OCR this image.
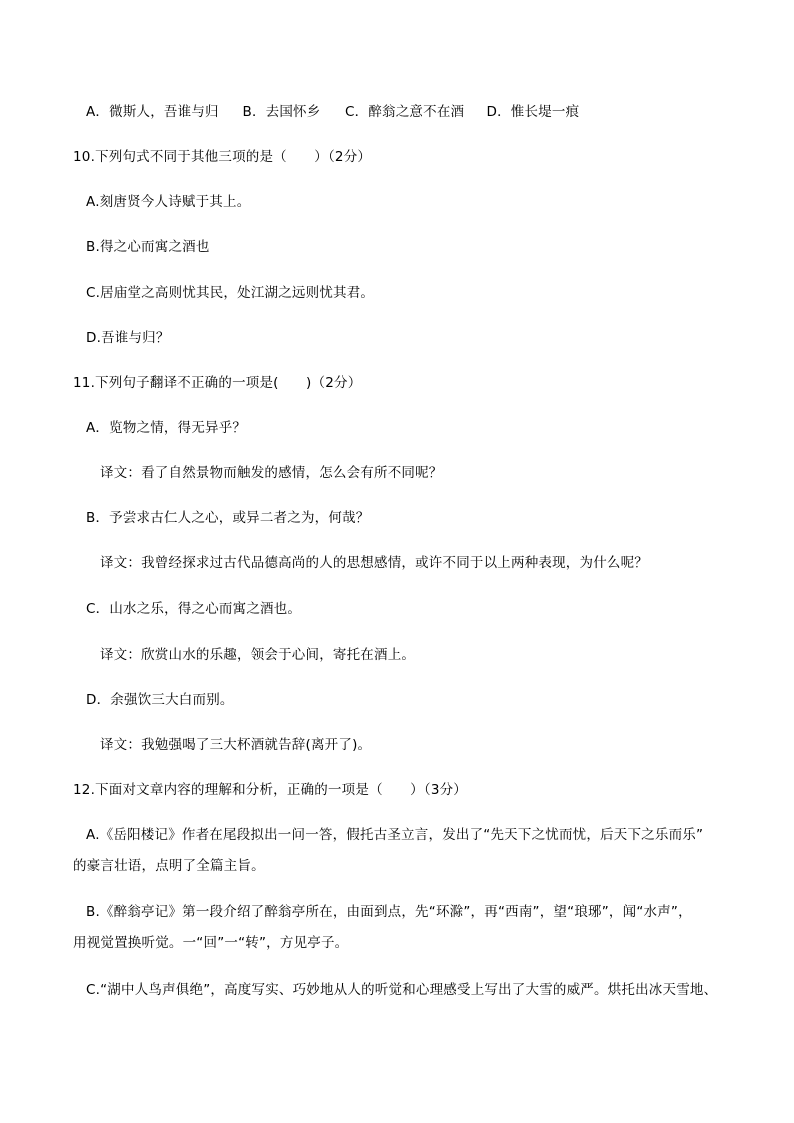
A．微斯人，吾谁与归 B．去国怀乡 C．醉翁之意不在酒 D．惟长堤一痕
10.下列句式不同于其他三项的是（　　）（2分）
A.刻唐贤今人诗赋于其上。
B.得之心而寓之酒也
C.居庙堂之高则忧其民，处江湖之远则忧其君。
D.吾谁与归？
11.下列句子翻译不正确的一项是(　　)（2分）
A．览物之情，得无异乎？
译文：看了自然景物而触发的感情，怎么会有所不同呢？
B．予尝求古仁人之心，或异二者之为，何哉？
译文：我曾经探求过古代品德高尚的人的思想感情，或许不同于以上两种表现，为什么呢？
C．山水之乐，得之心而寓之酒也。
译文：欣赏山水的乐趣，领会于心间，寄托在酒上。
D．余强饮三大白而别。
译文：我勉强喝了三大杯酒就告辞(离开了)。
12.下面对文章内容的理解和分析，正确的一项是（　　）（3分）
A.《岳阳楼记》作者在尾段拟出一问一答，假托古圣立言，发出了“先天下之忧而忧，后天下之乐而乐”
的豪言壮语，点明了全篇主旨。
B.《醉翁亭记》第一段介绍了醉翁亭所在，由面到点，先“环滁”，再“西南”，望“琅琊”，闻“水声”，
用视觉置换听觉。一“回”一“转”，方见亭子。
C.“湖中人鸟声俱绝”，高度写实、巧妙地从人的听觉和心理感受上写出了大雪的威严。烘托出冰天雪地、
